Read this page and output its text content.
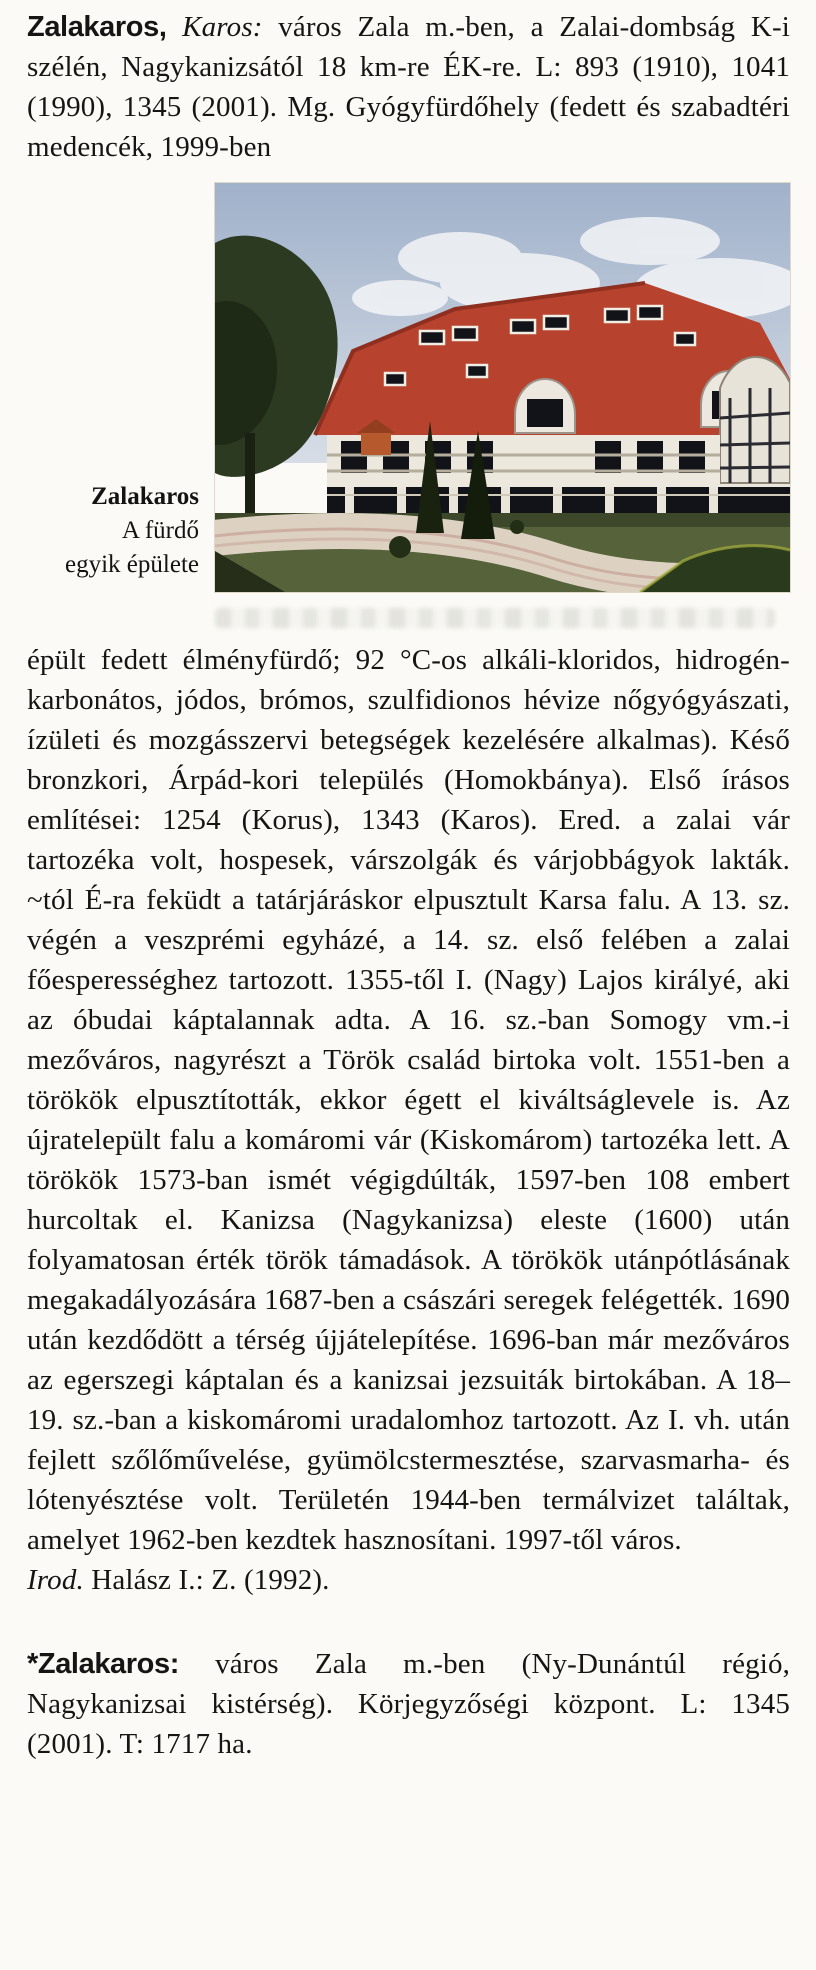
Zalakaros, Karos: város Zala m.-ben, a Zalai-dombság K-i szélén, Nagykanizsától 18 km-re ÉK-re. L: 893 (1910), 1041 (1990), 1345 (2001). Mg. Gyógyfürdőhely (fedett és szabadtéri medencék, 1999-ben

Zalakaros
A fürdő
egyik épülete
épült fedett élményfürdő; 92 °C-os alkáli-kloridos, hidrogén-karbonátos, jódos, brómos, szulfidionos hévize nőgyógyászati, ízületi és mozgásszervi betegségek kezelésére alkalmas). Késő bronzkori, Árpád-kori település (Homokbánya). Első írásos említései: 1254 (Korus), 1343 (Karos). Ered. a zalai vár tartozéka volt, hospesek, várszolgák és várjobbágyok lakták. ~tól É-ra feküdt a tatárjáráskor elpusztult Karsa falu. A 13. sz. végén a veszprémi egyházé, a 14. sz. első felében a zalai főesperességhez tartozott. 1355-től I. (Nagy) Lajos királyé, aki az óbudai káptalannak adta. A 16. sz.-ban Somogy vm.-i mezőváros, nagyrészt a Török család birtoka volt. 1551-ben a törökök elpusztították, ekkor égett el kiváltságlevele is. Az újratelepült falu a komáromi vár (Kiskomárom) tartozéka lett. A törökök 1573-ban ismét végigdúlták, 1597-ben 108 embert hurcoltak el. Kanizsa (Nagykanizsa) eleste (1600) után folyamatosan érték török támadások. A törökök utánpótlásának megakadályozására 1687-ben a császári seregek felégették. 1690 után kezdődött a térség újjátelepítése. 1696-ban már mezőváros az egerszegi káptalan és a kanizsai jezsuiták birtokában. A 18–19. sz.-ban a kiskomáromi uradalomhoz tartozott. Az I. vh. után fejlett szőlőművelése, gyümölcstermesztése, szarvasmarha- és lótenyésztése volt. Területén 1944-ben termálvizet találtak, amelyet 1962-ben kezdtek hasznosítani. 1997-től város.
Irod. Halász I.: Z. (1992).

*Zalakaros: város Zala m.-ben (Ny-Dunántúl régió, Nagykanizsai kistérség). Körjegyzőségi központ. L: 1345 (2001). T: 1717 ha.
